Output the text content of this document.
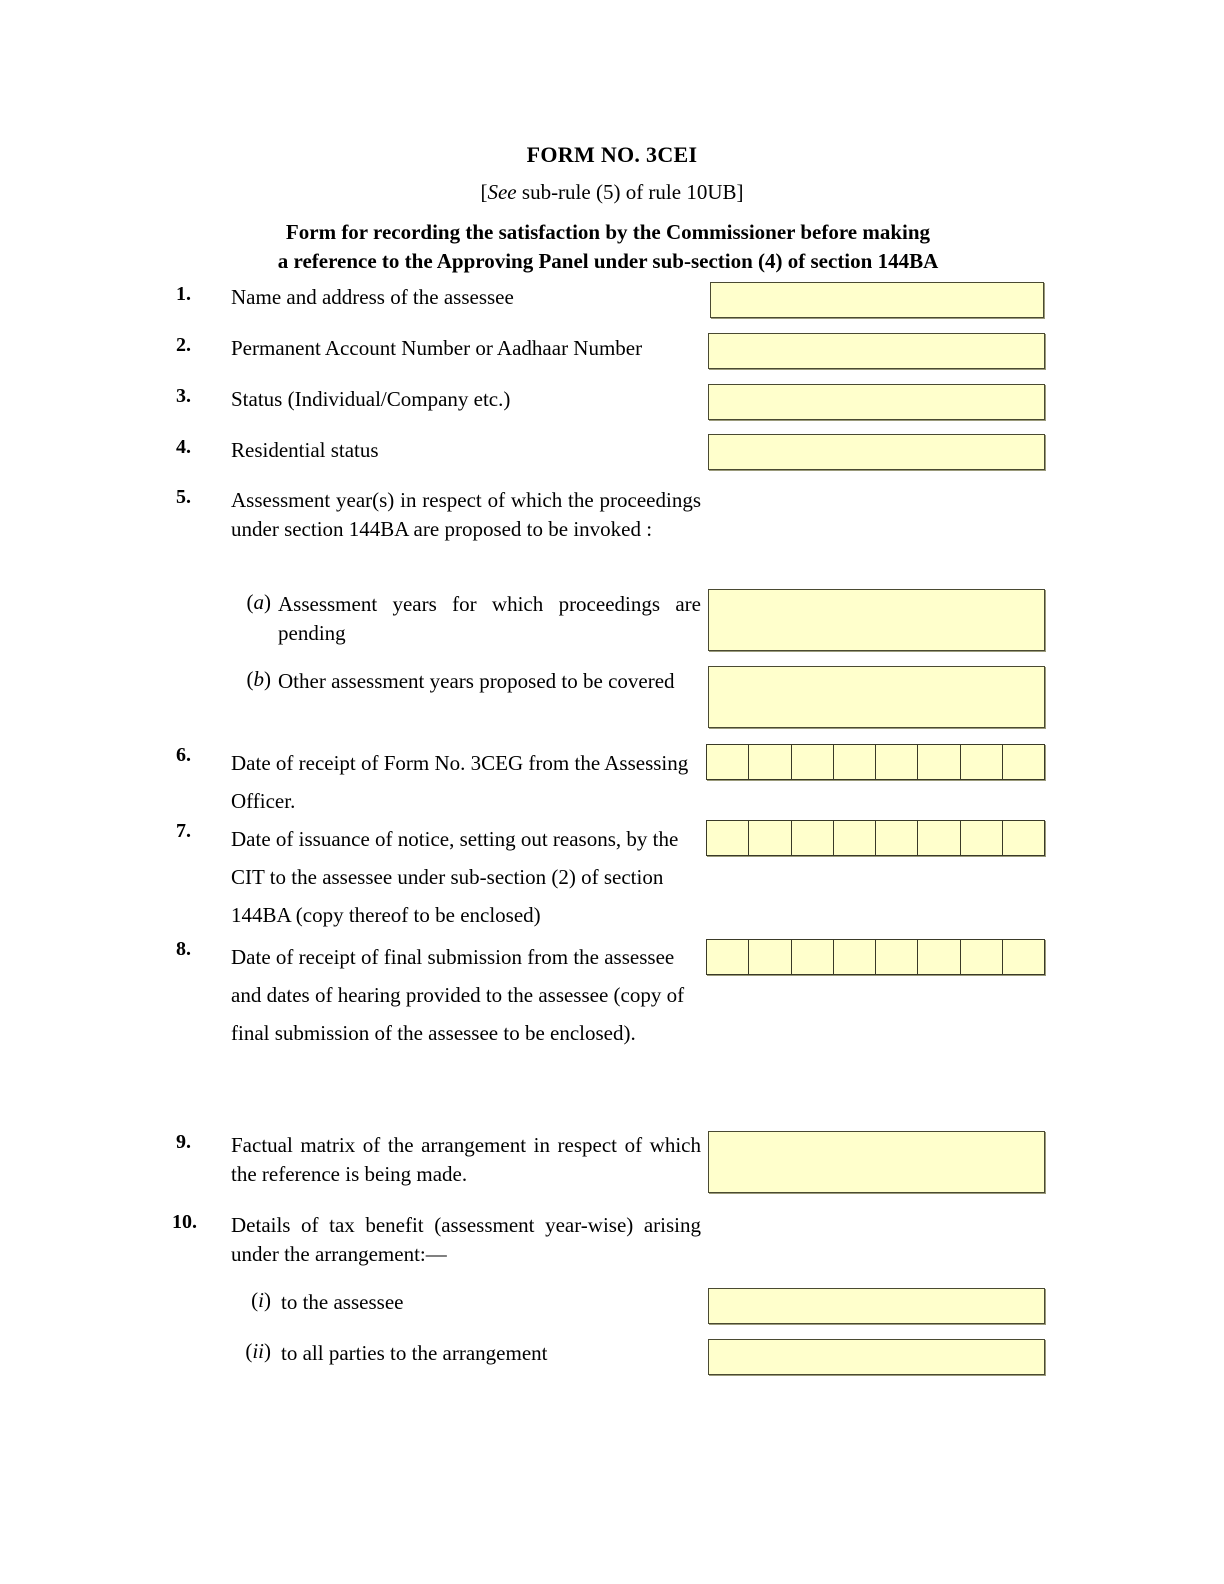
FORM NO. 3CEI
[See sub-rule (5) of rule 10UB]
Form for recording the satisfaction by the Commissioner before making
a reference to the Approving Panel under sub-section (4) of section 144BA
1.	Name and address of the assessee
2.	Permanent Account Number or Aadhaar Number
3.	Status (Individual/Company etc.)
4.	Residential status
5.	Assessment year(s) in respect of which the proceedings under section 144BA are proposed to be invoked :
(a) Assessment years for which proceedings are pending
(b) Other assessment years proposed to be covered
6.	Date of receipt of Form No. 3CEG from the Assessing Officer.
7.	Date of issuance of notice, setting out reasons, by the CIT to the assessee under sub-section (2) of section 144BA (copy thereof to be enclosed)
8.	Date of receipt of final submission from the assessee and dates of hearing provided to the assessee (copy of final submission of the assessee to be enclosed).
9.	Factual matrix of the arrangement in respect of which the reference is being made.
10.	Details of tax benefit (assessment year-wise) arising under the arrangement:—
(i) to the assessee
(ii) to all parties to the arrangement
